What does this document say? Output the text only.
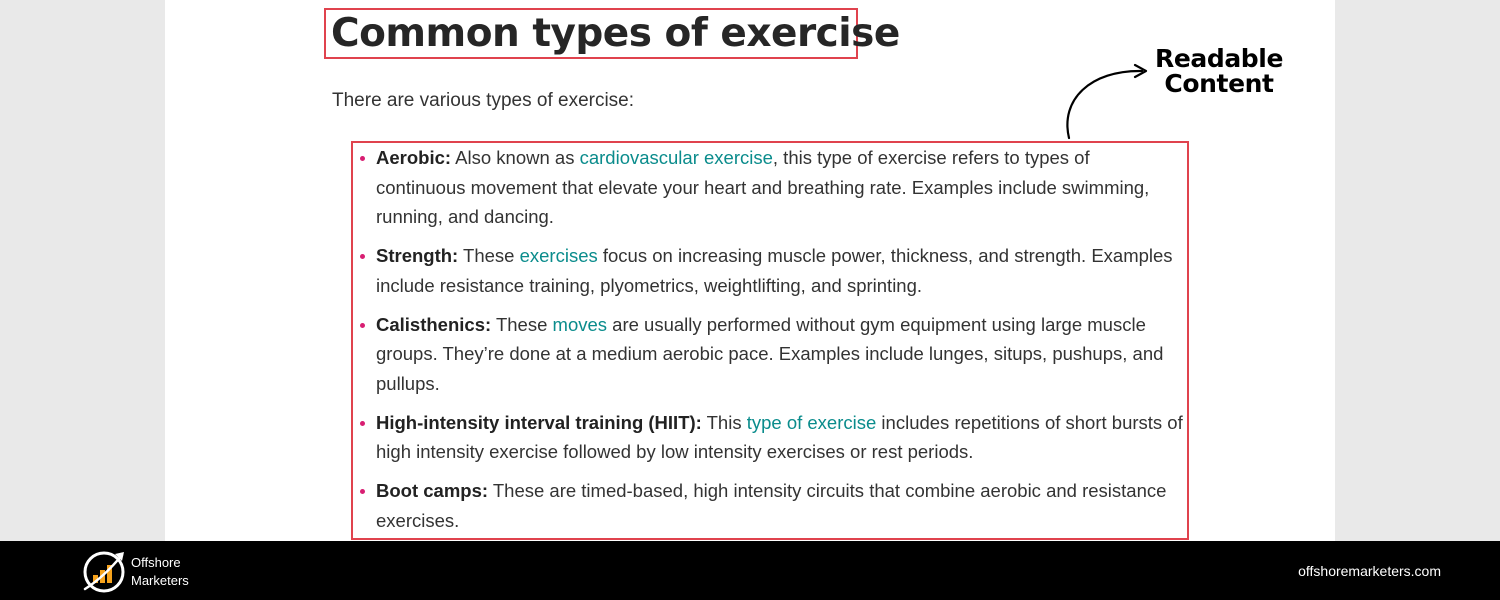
Common types of exercise

There are various types of exercise:

Aerobic: Also known as cardiovascular exercise, this type of exercise refers to types of continuous movement that elevate your heart and breathing rate. Examples include swimming, running, and dancing.
Strength: These exercises focus on increasing muscle power, thickness, and strength. Examples include resistance training, plyometrics, weightlifting, and sprinting.
Calisthenics: These moves are usually performed without gym equipment using large muscle groups. They’re done at a medium aerobic pace. Examples include lunges, situps, pushups, and pullups.
High-intensity interval training (HIIT): This type of exercise includes repetitions of short bursts of high intensity exercise followed by low intensity exercises or rest periods.
Boot camps: These are timed-based, high intensity circuits that combine aerobic and resistance exercises.
Readable
Content
Offshore
Marketers
offshoremarketers.com
